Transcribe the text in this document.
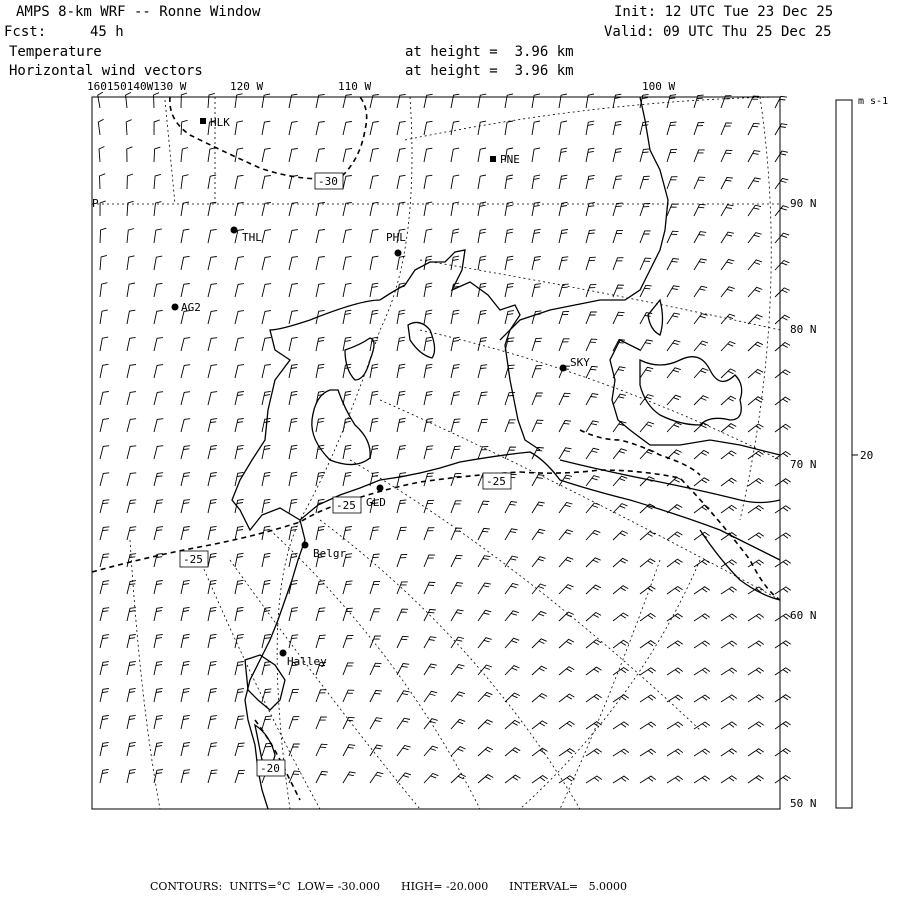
AMPS 8-km WRF -- Ronne Window
Fcst:	45 h
Temperature
Horizontal wind vectors
at height =  3.96 km
at height =  3.96 km
Init: 12 UTC Tue 23 Dec 25
Valid: 09 UTC Thu 25 Dec 25
160150140W130 W	120 W	110 W	100 W
90 N
80 N
70 N
60 N
50 N
P
-30
-25
-25
-25
-20
HLK
PNE
THL	PHL
AG2
SKY
GLD
Belgr
Halley
20
m s-1
CONTOURS:  UNITS=°C  LOW= -30.000      HIGH= -20.000      INTERVAL=   5.0000
